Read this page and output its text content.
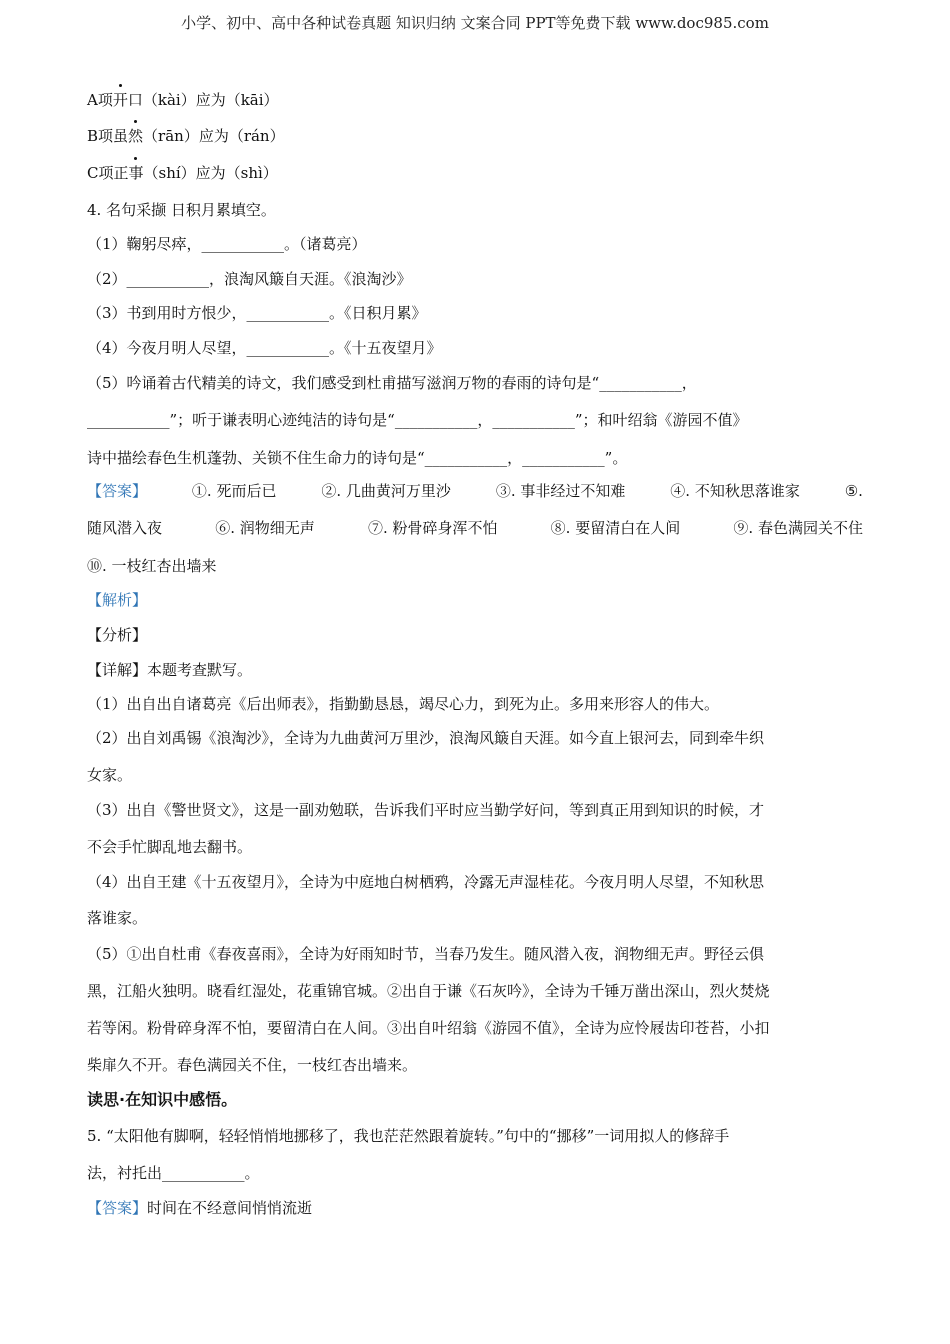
小学、初中、高中各种试卷真题 知识归纳 文案合同 PPT等免费下载 www.doc985.com
A项开口（kài）应为（kāi）
B项虽然（rān）应为（rán）
C项正事（shí）应为（shì）
4. 名句采撷 日积月累填空。
（1）鞠躬尽瘁，___________。（诸葛亮）
（2）___________，浪淘风簸自天涯。《浪淘沙》
（3）书到用时方恨少，___________。《日积月累》
（4）今夜月明人尽望，___________。《十五夜望月》
（5）吟诵着古代精美的诗文，我们感受到杜甫描写滋润万物的春雨的诗句是“___________，
___________”；听于谦表明心迹纯洁的诗句是“___________，___________”；和叶绍翁《游园不值》
诗中描绘春色生机蓬勃、关锁不住生命力的诗句是“___________，___________”。
【答案】	①. 死而后已	②. 几曲黄河万里沙	③. 事非经过不知难	④. 不知秋思落谁家	⑤.
随风潜入夜	⑥. 润物细无声	⑦. 粉骨碎身浑不怕	⑧. 要留清白在人间	⑨. 春色满园关不住
⑩. 一枝红杏出墙来
【解析】
【分析】
【详解】本题考查默写。
（1）出自出自诸葛亮《后出师表》，指勤勤恳恳，竭尽心力，到死为止。多用来形容人的伟大。
（2）出自刘禹锡《浪淘沙》，全诗为九曲黄河万里沙，浪淘风簸自天涯。如今直上银河去，同到牵牛织
女家。
（3）出自《警世贤文》，这是一副劝勉联，告诉我们平时应当勤学好问，等到真正用到知识的时候，才
不会手忙脚乱地去翻书。
（4）出自王建《十五夜望月》，全诗为中庭地白树栖鸦，冷露无声湿桂花。今夜月明人尽望，不知秋思
落谁家。
（5）①出自杜甫《春夜喜雨》，全诗为好雨知时节，当春乃发生。随风潜入夜，润物细无声。野径云俱
黑，江船火独明。晓看红湿处，花重锦官城。②出自于谦《石灰吟》，全诗为千锤万凿出深山，烈火焚烧
若等闲。粉骨碎身浑不怕，要留清白在人间。③出自叶绍翁《游园不值》，全诗为应怜屐齿印苍苔，小扣
柴扉久不开。春色满园关不住，一枝红杏出墙来。
读思·在知识中感悟。
5. “太阳他有脚啊，轻轻悄悄地挪移了，我也茫茫然跟着旋转。”句中的“挪移”一词用拟人的修辞手
法，衬托出___________。
【答案】时间在不经意间悄悄流逝
